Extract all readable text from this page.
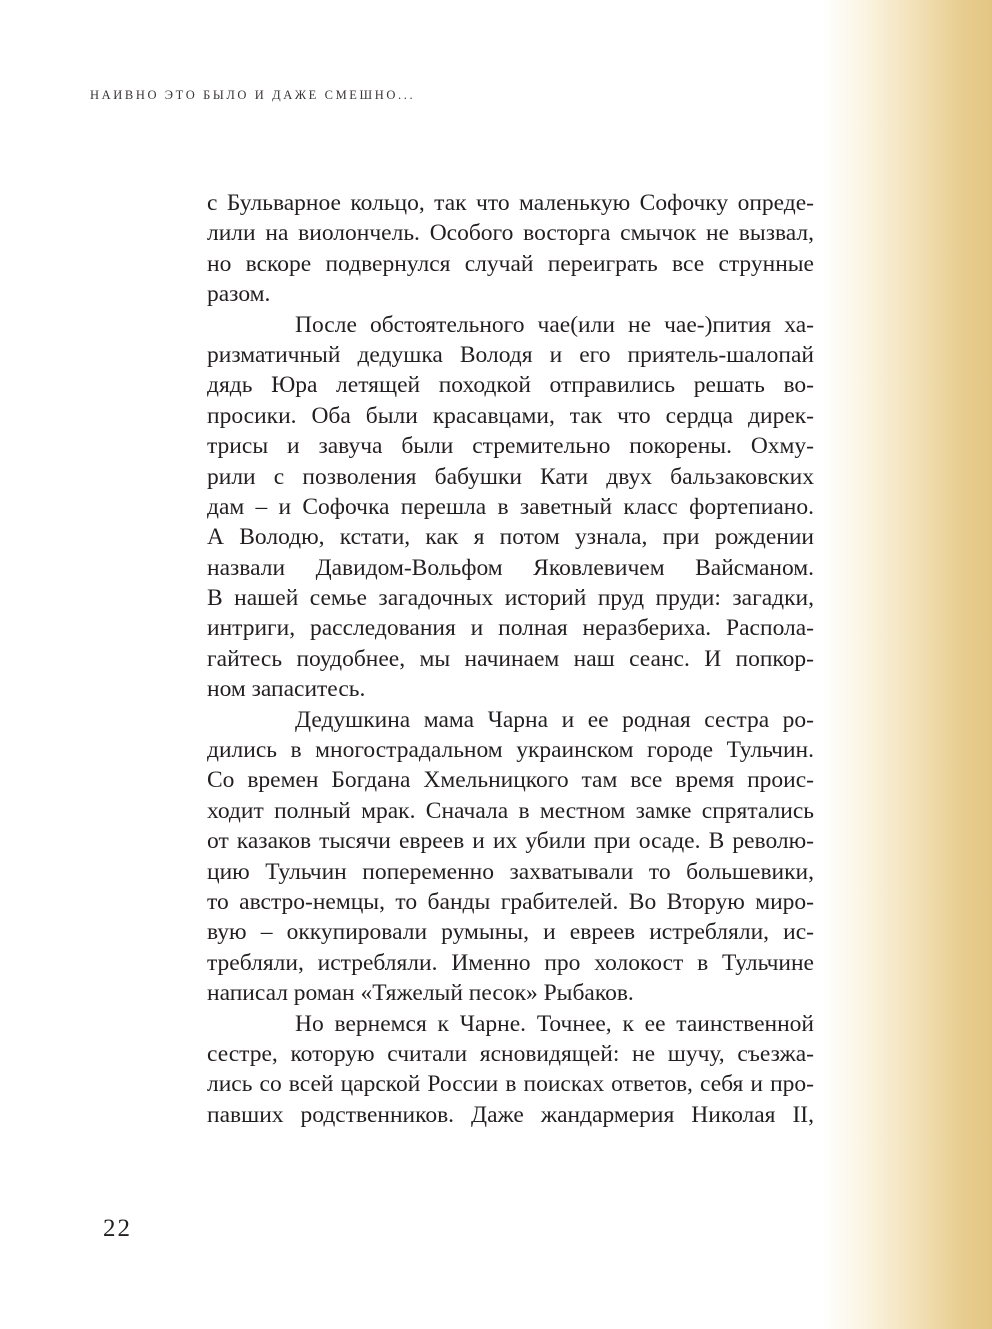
НАИВНО ЭТО БЫЛО И ДАЖЕ СМЕШНО...
с Бульварное кольцо, так что маленькую Софочку опреде-
лили на виолончель. Особого восторга смычок не вызвал,
но вскоре подвернулся случай переиграть все струнные
разом.
После обстоятельного чае(или не чае-)пития ха-
ризматичный дедушка Володя и его приятель-шалопай
дядь Юра летящей походкой отправились решать во-
просики. Оба были красавцами, так что сердца дирек-
трисы и завуча были стремительно покорены. Охму-
рили с позволения бабушки Кати двух бальзаковских
дам – и Софочка перешла в заветный класс фортепиано.
А Володю, кстати, как я потом узнала, при рождении
назвали Давидом-Вольфом Яковлевичем Вайсманом.
В нашей семье загадочных историй пруд пруди: загадки,
интриги, расследования и полная неразбериха. Распола-
гайтесь поудобнее, мы начинаем наш сеанс. И попкор-
ном запаситесь.
Дедушкина мама Чарна и ее родная сестра ро-
дились в многострадальном украинском городе Тульчин.
Со времен Богдана Хмельницкого там все время проис-
ходит полный мрак. Сначала в местном замке спрятались
от казаков тысячи евреев и их убили при осаде. В револю-
цию Тульчин попеременно захватывали то большевики,
то австро-немцы, то банды грабителей. Во Вторую миро-
вую – оккупировали румыны, и евреев истребляли, ис-
требляли, истребляли. Именно про холокост в Тульчине
написал роман «Тяжелый песок» Рыбаков.
Но вернемся к Чарне. Точнее, к ее таинственной
сестре, которую считали ясновидящей: не шучу, съезжа-
лись со всей царской России в поисках ответов, себя и про-
павших родственников. Даже жандармерия Николая II,
22
